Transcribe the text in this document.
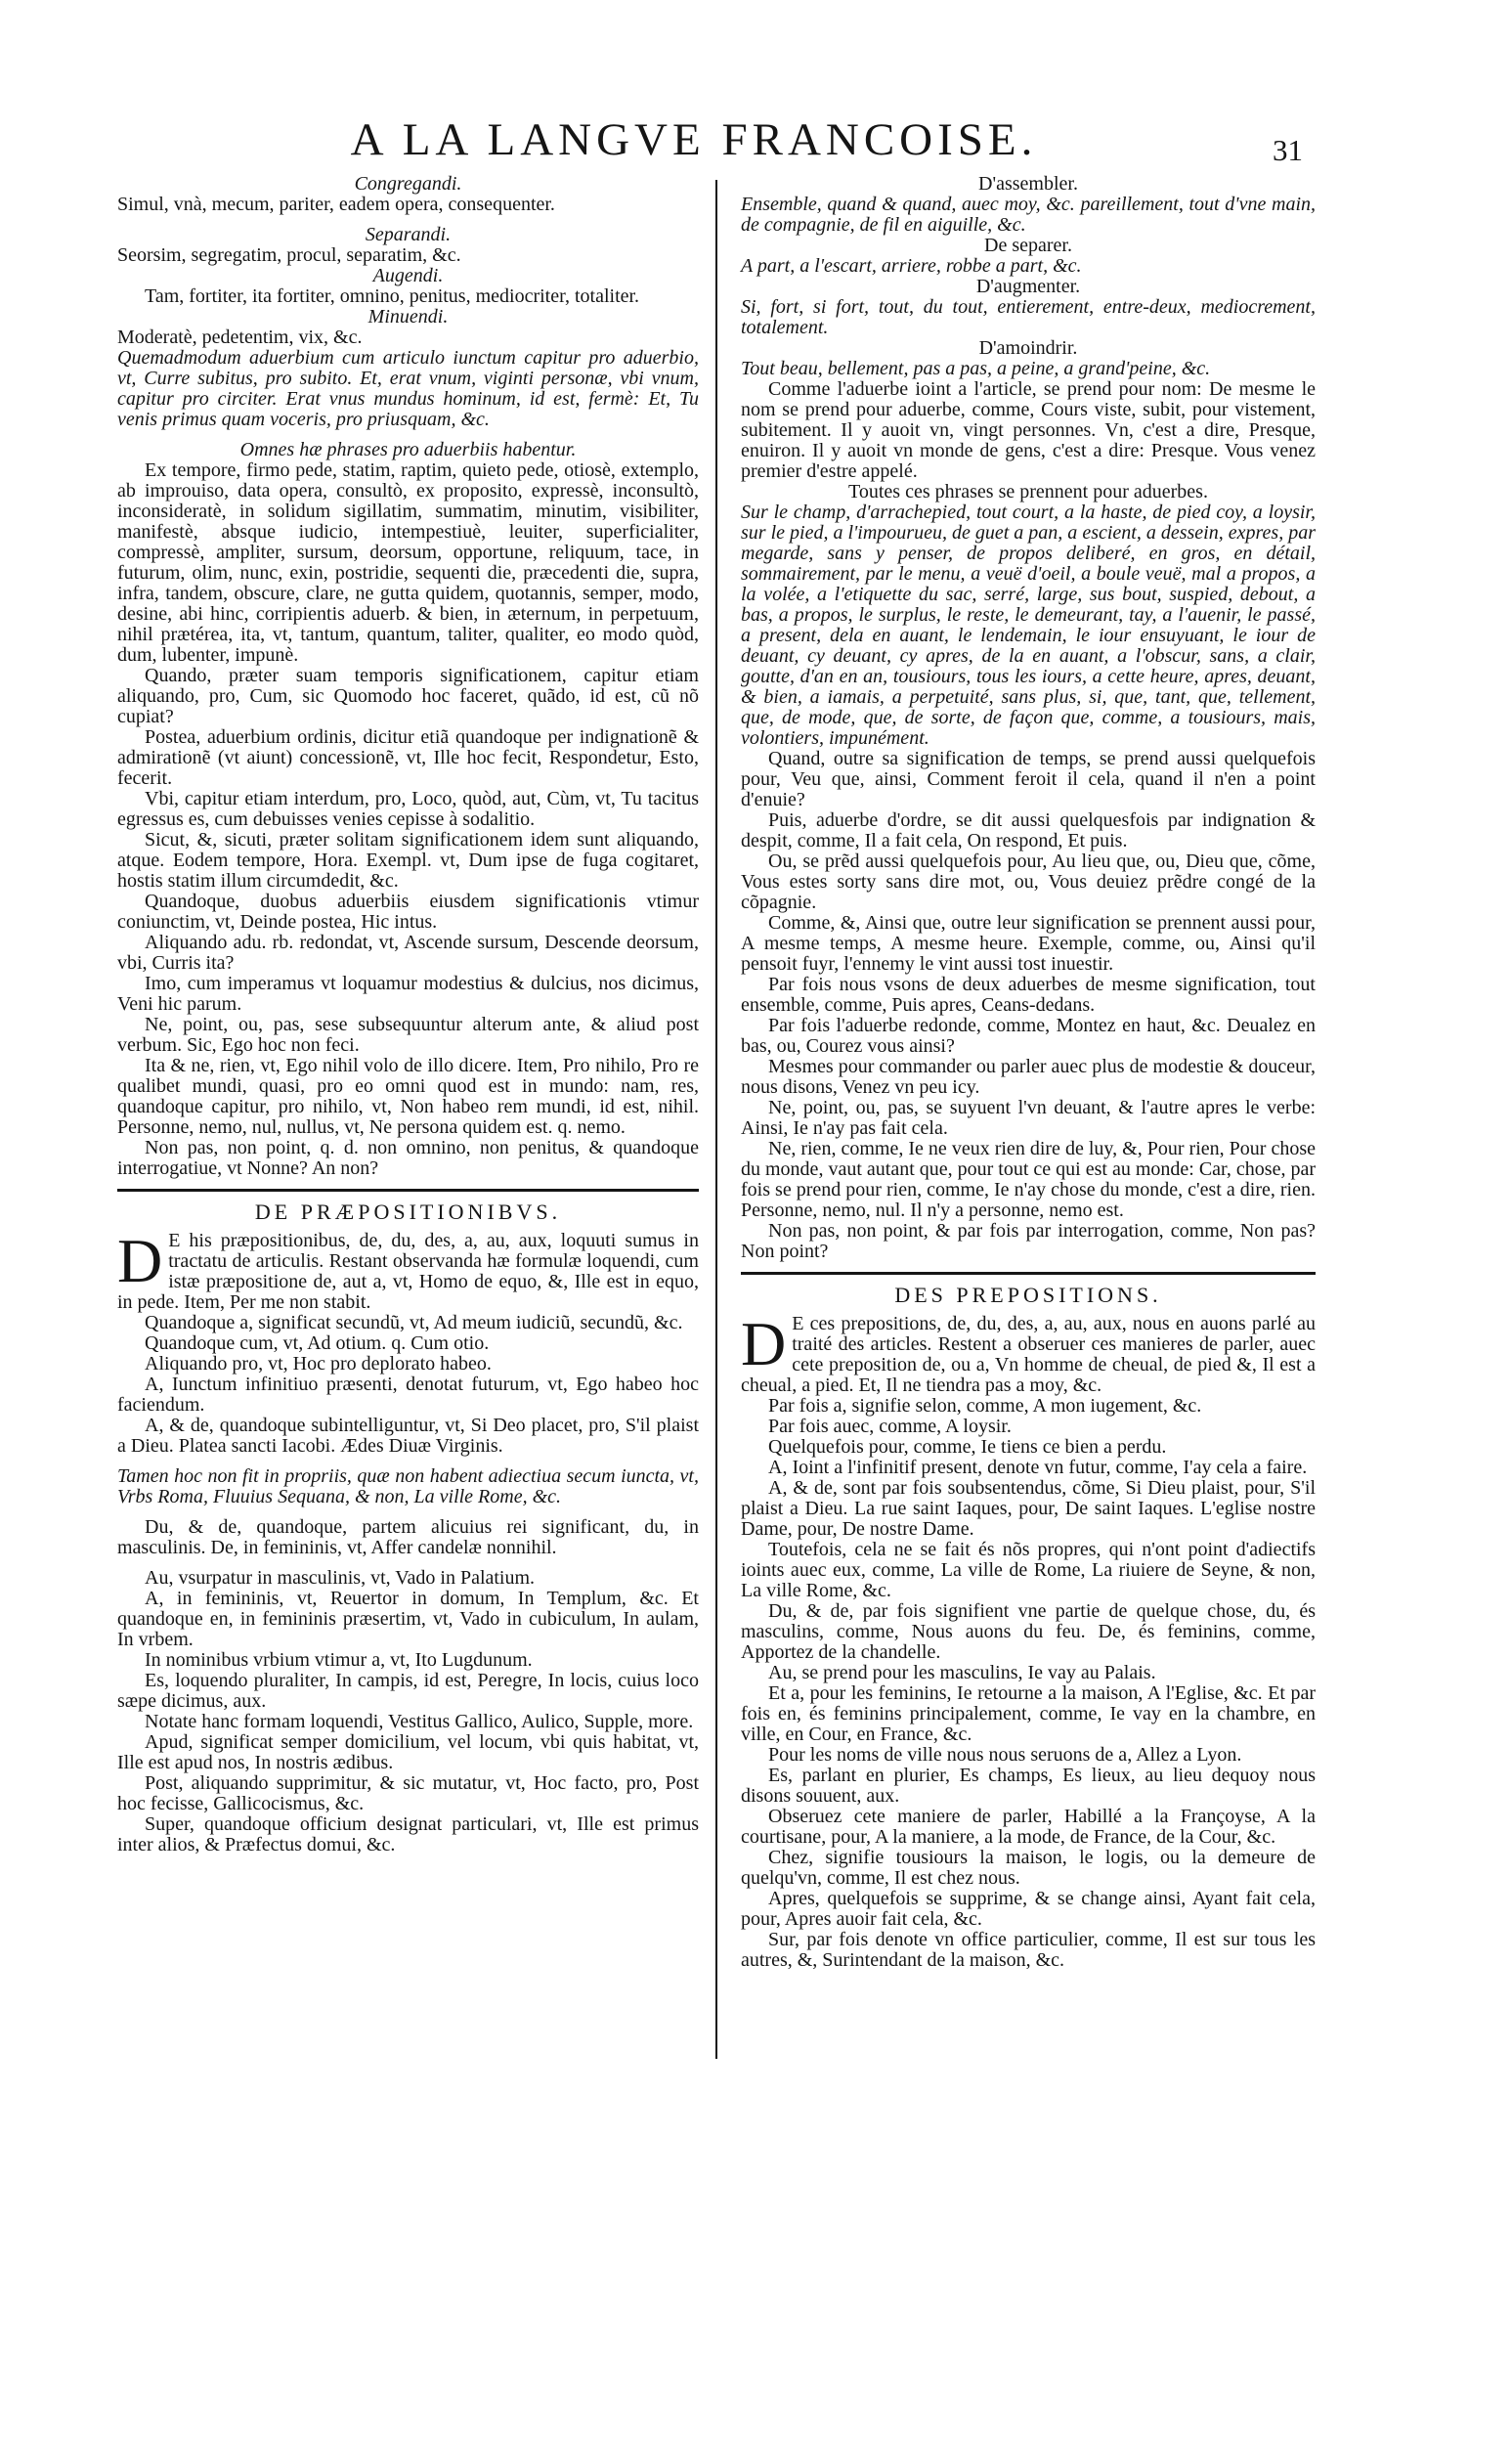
A LA LANGVE FRANCOISE.	31

Congregandi.

Simul, vnà, mecum, pariter, eadem opera, consequenter.

Separandi.

Seorsim, segregatim, procul, separatim, &c.

Augendi.

Tam, fortiter, ita fortiter, omnino, penitus, mediocriter, totaliter.

Minuendi.

Moderatè, pedetentim, vix, &c.

Quemadmodum aduerbium cum articulo iunctum capitur pro aduerbio, vt, Curre subitus, pro subito. Et, erat vnum, viginti personæ, vbi vnum, capitur pro circiter. Erat vnus mundus hominum, id est, fermè: Et, Tu venis primus quam voceris, pro priusquam, &c.

Omnes hæ phrases pro aduerbiis habentur.

Ex tempore, firmo pede, statim, raptim, quieto pede, otiosè, extemplo, ab improuiso, data opera, consultò, ex proposito, expressè, inconsultò, inconsideratè, in solidum sigillatim, summatim, minutim, visibiliter, manifestè, absque iudicio, intempestiuè, leuiter, superficialiter, compressè, ampliter, sursum, deorsum, opportune, reliquum, tace, in futurum, olim, nunc, exin, postridie, sequenti die, præcedenti die, supra, infra, tandem, obscure, clare, ne gutta quidem, quotannis, semper, modo, desine, abi hinc, corripientis aduerb. & bien, in æternum, in perpetuum, nihil prætérea, ita, vt, tantum, quantum, taliter, qualiter, eo modo quòd, dum, lubenter, impunè.

Quando, præter suam temporis significationem, capitur etiam aliquando, pro, Cum, sic Quomodo hoc faceret, quãdo, id est, cũ nõ cupiat?

Postea, aduerbium ordinis, dicitur etiã quandoque per indignationẽ & admirationẽ (vt aiunt) concessionẽ, vt, Ille hoc fecit, Respondetur, Esto, fecerit.

Vbi, capitur etiam interdum, pro, Loco, quòd, aut, Cùm, vt, Tu tacitus egressus es, cum debuisses venies cepisse à sodalitio.

Sicut, &, sicuti, præter solitam significationem idem sunt aliquando, atque. Eodem tempore, Hora. Exempl. vt, Dum ipse de fuga cogitaret, hostis statim illum circumdedit, &c.

Quandoque, duobus aduerbiis eiusdem significationis vtimur coniunctim, vt, Deinde postea, Hic intus.

Aliquando adu. rb. redondat, vt, Ascende sursum, Descende deorsum, vbi, Curris ita?

Imo, cum imperamus vt loquamur modestius & dulcius, nos dicimus, Veni hic parum.

Ne, point, ou, pas, sese subsequuntur alterum ante, & aliud post verbum. Sic, Ego hoc non feci.

Ita & ne, rien, vt, Ego nihil volo de illo dicere. Item, Pro nihilo, Pro re qualibet mundi, quasi, pro eo omni quod est in mundo: nam, res, quandoque capitur, pro nihilo, vt, Non habeo rem mundi, id est, nihil. Personne, nemo, nul, nullus, vt, Ne persona quidem est. q. nemo.

Non pas, non point, q. d. non omnino, non penitus, & quandoque interrogatiue, vt Nonne? An non?

DE PRÆPOSITIONIBVS.

D E his præpositionibus, de, du, des, a, au, aux, loquuti sumus in tractatu de articulis. Restant observanda hæ formulæ loquendi, cum istæ præpositione de, aut a, vt, Homo de equo, &, Ille est in equo, in pede. Item, Per me non stabit.

Quandoque a, significat secundũ, vt, Ad meum iudiciũ, secundũ, &c.

Quandoque cum, vt, Ad otium. q. Cum otio.

Aliquando pro, vt, Hoc pro deplorato habeo.

A, Iunctum infinitiuo præsenti, denotat futurum, vt, Ego habeo hoc faciendum.

A, & de, quandoque subintelliguntur, vt, Si Deo placet, pro, S'il plaist a Dieu. Platea sancti Iacobi. Ædes Diuæ Virginis.

Tamen hoc non fit in propriis, quæ non habent adiectiua secum iuncta, vt, Vrbs Roma, Fluuius Sequana, & non, La ville Rome, &c.

Du, & de, quandoque, partem alicuius rei significant, du, in masculinis. De, in femininis, vt, Affer candelæ nonnihil.

Au, vsurpatur in masculinis, vt, Vado in Palatium.

A, in femininis, vt, Reuertor in domum, In Templum, &c. Et quandoque en, in femininis præsertim, vt, Vado in cubiculum, In aulam, In vrbem.

In nominibus vrbium vtimur a, vt, Ito Lugdunum.

Es, loquendo pluraliter, In campis, id est, Peregre, In locis, cuius loco sæpe dicimus, aux.

Notate hanc formam loquendi, Vestitus Gallico, Aulico, Supple, more.

Apud, significat semper domicilium, vel locum, vbi quis habitat, vt, Ille est apud nos, In nostris ædibus.

Post, aliquando supprimitur, & sic mutatur, vt, Hoc facto, pro, Post hoc fecisse, Gallicocismus, &c.

Super, quandoque officium designat particulari, vt, Ille est primus inter alios, & Præfectus domui, &c.

D'assembler.

Ensemble, quand & quand, auec moy, &c. pareillement, tout d'vne main, de compagnie, de fil en aiguille, &c.

De separer.

A part, a l'escart, arriere, robbe a part, &c.

D'augmenter.

Si, fort, si fort, tout, du tout, entierement, entre-deux, mediocrement, totalement.

D'amoindrir.

Tout beau, bellement, pas a pas, a peine, a grand'peine, &c.

Comme l'aduerbe ioint a l'article, se prend pour nom: De mesme le nom se prend pour aduerbe, comme, Cours viste, subit, pour vistement, subitement. Il y auoit vn, vingt personnes. Vn, c'est a dire, Presque, enuiron. Il y auoit vn monde de gens, c'est a dire: Presque. Vous venez premier d'estre appelé.

Toutes ces phrases se prennent pour aduerbes.

Sur le champ, d'arrachepied, tout court, a la haste, de pied coy, a loysir, sur le pied, a l'impourueu, de guet a pan, a escient, a dessein, expres, par megarde, sans y penser, de propos deliberé, en gros, en détail, sommairement, par le menu, a veuë d'oeil, a boule veuë, mal a propos, a la volée, a l'etiquette du sac, serré, large, sus bout, suspied, debout, a bas, a propos, le surplus, le reste, le demeurant, tay, a l'auenir, le passé, a present, dela en auant, le lendemain, le iour ensuyuant, le iour de deuant, cy deuant, cy apres, de la en auant, a l'obscur, sans, a clair, goutte, d'an en an, tousiours, tous les iours, a cette heure, apres, deuant, & bien, a iamais, a perpetuité, sans plus, si, que, tant, que, tellement, que, de mode, que, de sorte, de façon que, comme, a tousiours, mais, volontiers, impunément.

Quand, outre sa signification de temps, se prend aussi quelquefois pour, Veu que, ainsi, Comment feroit il cela, quand il n'en a point d'enuie?

Puis, aduerbe d'ordre, se dit aussi quelquesfois par indignation & despit, comme, Il a fait cela, On respond, Et puis.

Ou, se prẽd aussi quelquefois pour, Au lieu que, ou, Dieu que, cõme, Vous estes sorty sans dire mot, ou, Vous deuiez prẽdre congé de la cõpagnie.

Comme, &, Ainsi que, outre leur signification se prennent aussi pour, A mesme temps, A mesme heure. Exemple, comme, ou, Ainsi qu'il pensoit fuyr, l'ennemy le vint aussi tost inuestir.

Par fois nous vsons de deux aduerbes de mesme signification, tout ensemble, comme, Puis apres, Ceans-dedans.

Par fois l'aduerbe redonde, comme, Montez en haut, &c. Deualez en bas, ou, Courez vous ainsi?

Mesmes pour commander ou parler auec plus de modestie & douceur, nous disons, Venez vn peu icy.

Ne, point, ou, pas, se suyuent l'vn deuant, & l'autre apres le verbe: Ainsi, Ie n'ay pas fait cela.

Ne, rien, comme, Ie ne veux rien dire de luy, &, Pour rien, Pour chose du monde, vaut autant que, pour tout ce qui est au monde: Car, chose, par fois se prend pour rien, comme, Ie n'ay chose du monde, c'est a dire, rien. Personne, nemo, nul. Il n'y a personne, nemo est.

Non pas, non point, & par fois par interrogation, comme, Non pas? Non point?

DES PREPOSITIONS.

D E ces prepositions, de, du, des, a, au, aux, nous en auons parlé au traité des articles. Restent a obseruer ces manieres de parler, auec cete preposition de, ou a, Vn homme de cheual, de pied &, Il est a cheual, a pied. Et, Il ne tiendra pas a moy, &c.

Par fois a, signifie selon, comme, A mon iugement, &c.

Par fois auec, comme, A loysir.

Quelquefois pour, comme, Ie tiens ce bien a perdu.

A, Ioint a l'infinitif present, denote vn futur, comme, I'ay cela a faire.

A, & de, sont par fois soubsentendus, cõme, Si Dieu plaist, pour, S'il plaist a Dieu. La rue saint Iaques, pour, De saint Iaques. L'eglise nostre Dame, pour, De nostre Dame.

Toutefois, cela ne se fait és nõs propres, qui n'ont point d'adiectifs ioints auec eux, comme, La ville de Rome, La riuiere de Seyne, & non, La ville Rome, &c.

Du, & de, par fois signifient vne partie de quelque chose, du, és masculins, comme, Nous auons du feu. De, és feminins, comme, Apportez de la chandelle.

Au, se prend pour les masculins, Ie vay au Palais.

Et a, pour les feminins, Ie retourne a la maison, A l'Eglise, &c. Et par fois en, és feminins principalement, comme, Ie vay en la chambre, en ville, en Cour, en France, &c.

Pour les noms de ville nous nous seruons de a, Allez a Lyon.

Es, parlant en plurier, Es champs, Es lieux, au lieu dequoy nous disons souuent, aux.

Obseruez cete maniere de parler, Habillé a la Françoyse, A la courtisane, pour, A la maniere, a la mode, de France, de la Cour, &c.

Chez, signifie tousiours la maison, le logis, ou la demeure de quelqu'vn, comme, Il est chez nous.

Apres, quelquefois se supprime, & se change ainsi, Ayant fait cela, pour, Apres auoir fait cela, &c.

Sur, par fois denote vn office particulier, comme, Il est sur tous les autres, &, Surintendant de la maison, &c.
